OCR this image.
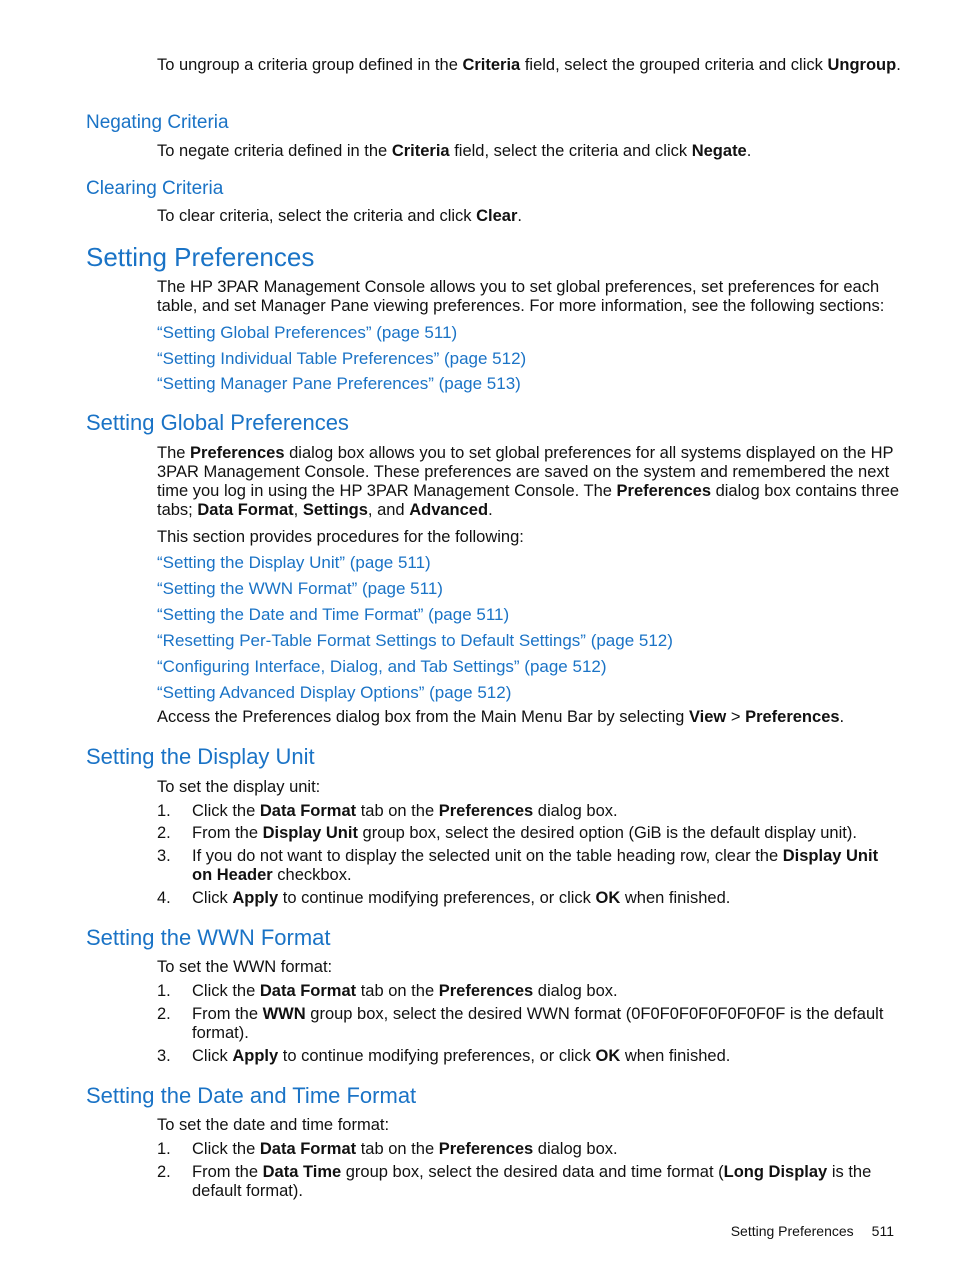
To ungroup a criteria group defined in the Criteria field, select the grouped criteria and click Ungroup.
Negating Criteria
To negate criteria defined in the Criteria field, select the criteria and click Negate.
Clearing Criteria
To clear criteria, select the criteria and click Clear.
Setting Preferences
The HP 3PAR Management Console allows you to set global preferences, set preferences for each table, and set Manager Pane viewing preferences. For more information, see the following sections:
“Setting Global Preferences” (page 511)
“Setting Individual Table Preferences” (page 512)
“Setting Manager Pane Preferences” (page 513)
Setting Global Preferences
The Preferences dialog box allows you to set global preferences for all systems displayed on the HP 3PAR Management Console. These preferences are saved on the system and remembered the next time you log in using the HP 3PAR Management Console. The Preferences dialog box contains three tabs; Data Format, Settings, and Advanced.
This section provides procedures for the following:
“Setting the Display Unit” (page 511)
“Setting the WWN Format” (page 511)
“Setting the Date and Time Format” (page 511)
“Resetting Per-Table Format Settings to Default Settings” (page 512)
“Configuring Interface, Dialog, and Tab Settings” (page 512)
“Setting Advanced Display Options” (page 512)
Access the Preferences dialog box from the Main Menu Bar by selecting View > Preferences.
Setting the Display Unit
To set the display unit:
1. Click the Data Format tab on the Preferences dialog box.
2. From the Display Unit group box, select the desired option (GiB is the default display unit).
3. If you do not want to display the selected unit on the table heading row, clear the Display Unit on Header checkbox.
4. Click Apply to continue modifying preferences, or click OK when finished.
Setting the WWN Format
To set the WWN format:
1. Click the Data Format tab on the Preferences dialog box.
2. From the WWN group box, select the desired WWN format (0F0F0F0F0F0F0F0F is the default format).
3. Click Apply to continue modifying preferences, or click OK when finished.
Setting the Date and Time Format
To set the date and time format:
1. Click the Data Format tab on the Preferences dialog box.
2. From the Data Time group box, select the desired data and time format (Long Display is the default format).
Setting Preferences 511
